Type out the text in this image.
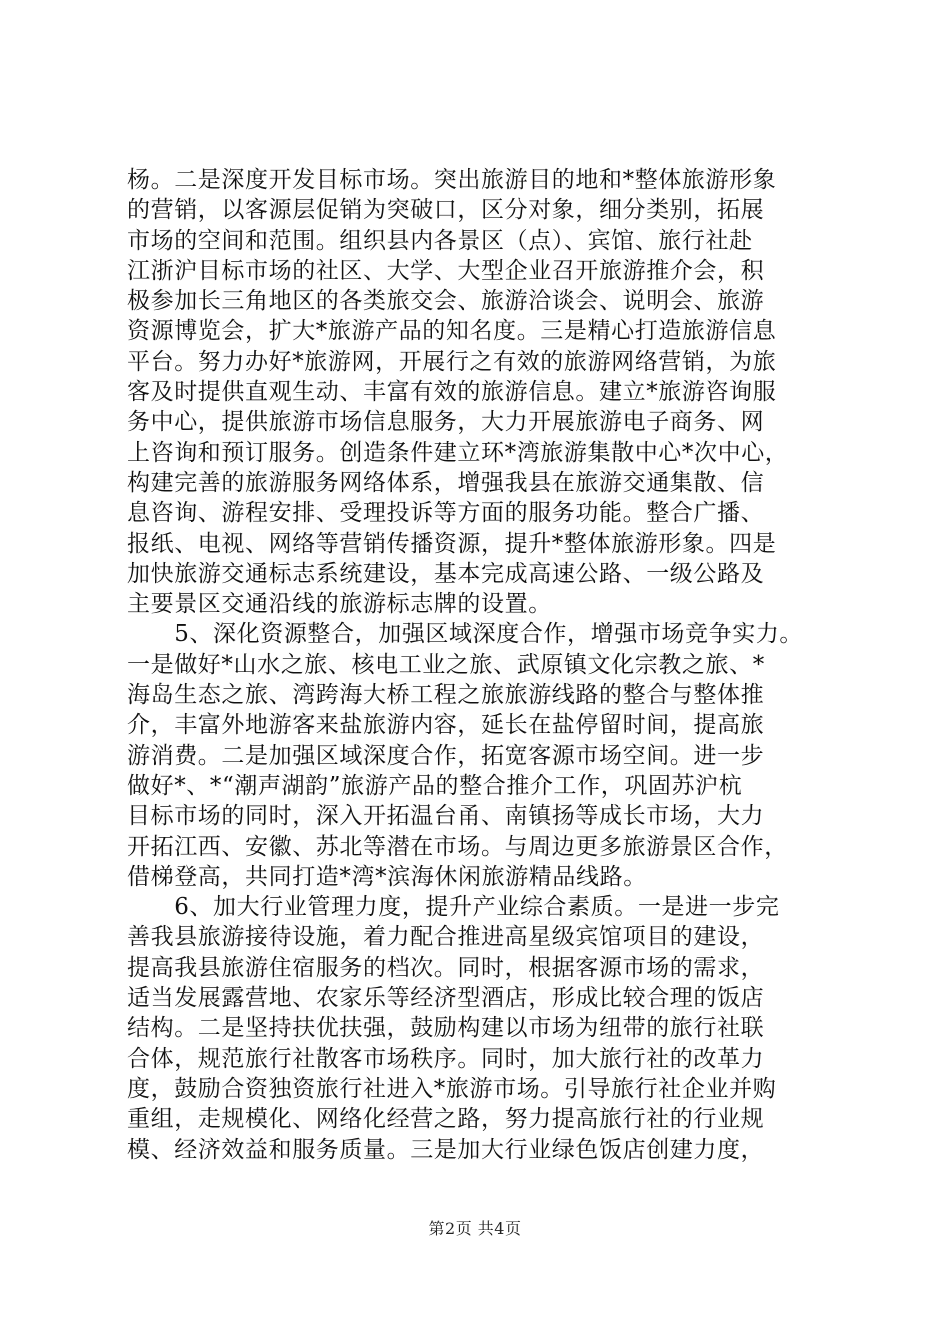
杨。二是深度开发目标市场。突出旅游目的地和*整体旅游形象
的营销，以客源层促销为突破口，区分对象，细分类别，拓展
市场的空间和范围。组织县内各景区（点）、宾馆、旅行社赴
江浙沪目标市场的社区、大学、大型企业召开旅游推介会，积
极参加长三角地区的各类旅交会、旅游洽谈会、说明会、旅游
资源博览会，扩大*旅游产品的知名度。三是精心打造旅游信息
平台。努力办好*旅游网，开展行之有效的旅游网络营销，为旅
客及时提供直观生动、丰富有效的旅游信息。建立*旅游咨询服
务中心，提供旅游市场信息服务，大力开展旅游电子商务、网
上咨询和预订服务。创造条件建立环*湾旅游集散中心*次中心，
构建完善的旅游服务网络体系，增强我县在旅游交通集散、信
息咨询、游程安排、受理投诉等方面的服务功能。整合广播、
报纸、电视、网络等营销传播资源，提升*整体旅游形象。四是
加快旅游交通标志系统建设，基本完成高速公路、一级公路及
主要景区交通沿线的旅游标志牌的设置。
　　5、深化资源整合，加强区域深度合作，增强市场竞争实力。
一是做好*山水之旅、核电工业之旅、武原镇文化宗教之旅、*
海岛生态之旅、湾跨海大桥工程之旅旅游线路的整合与整体推
介，丰富外地游客来盐旅游内容，延长在盐停留时间，提高旅
游消费。二是加强区域深度合作，拓宽客源市场空间。进一步
做好*、*“潮声湖韵”旅游产品的整合推介工作，巩固苏沪杭
目标市场的同时，深入开拓温台甬、南镇扬等成长市场，大力
开拓江西、安徽、苏北等潜在市场。与周边更多旅游景区合作，
借梯登高，共同打造*湾*滨海休闲旅游精品线路。
　　6、加大行业管理力度，提升产业综合素质。一是进一步完
善我县旅游接待设施，着力配合推进高星级宾馆项目的建设，
提高我县旅游住宿服务的档次。同时，根据客源市场的需求，
适当发展露营地、农家乐等经济型酒店，形成比较合理的饭店
结构。二是坚持扶优扶强，鼓励构建以市场为纽带的旅行社联
合体，规范旅行社散客市场秩序。同时，加大旅行社的改革力
度，鼓励合资独资旅行社进入*旅游市场。引导旅行社企业并购
重组，走规模化、网络化经营之路，努力提高旅行社的行业规
模、经济效益和服务质量。三是加大行业绿色饭店创建力度，
第2页 共4页
